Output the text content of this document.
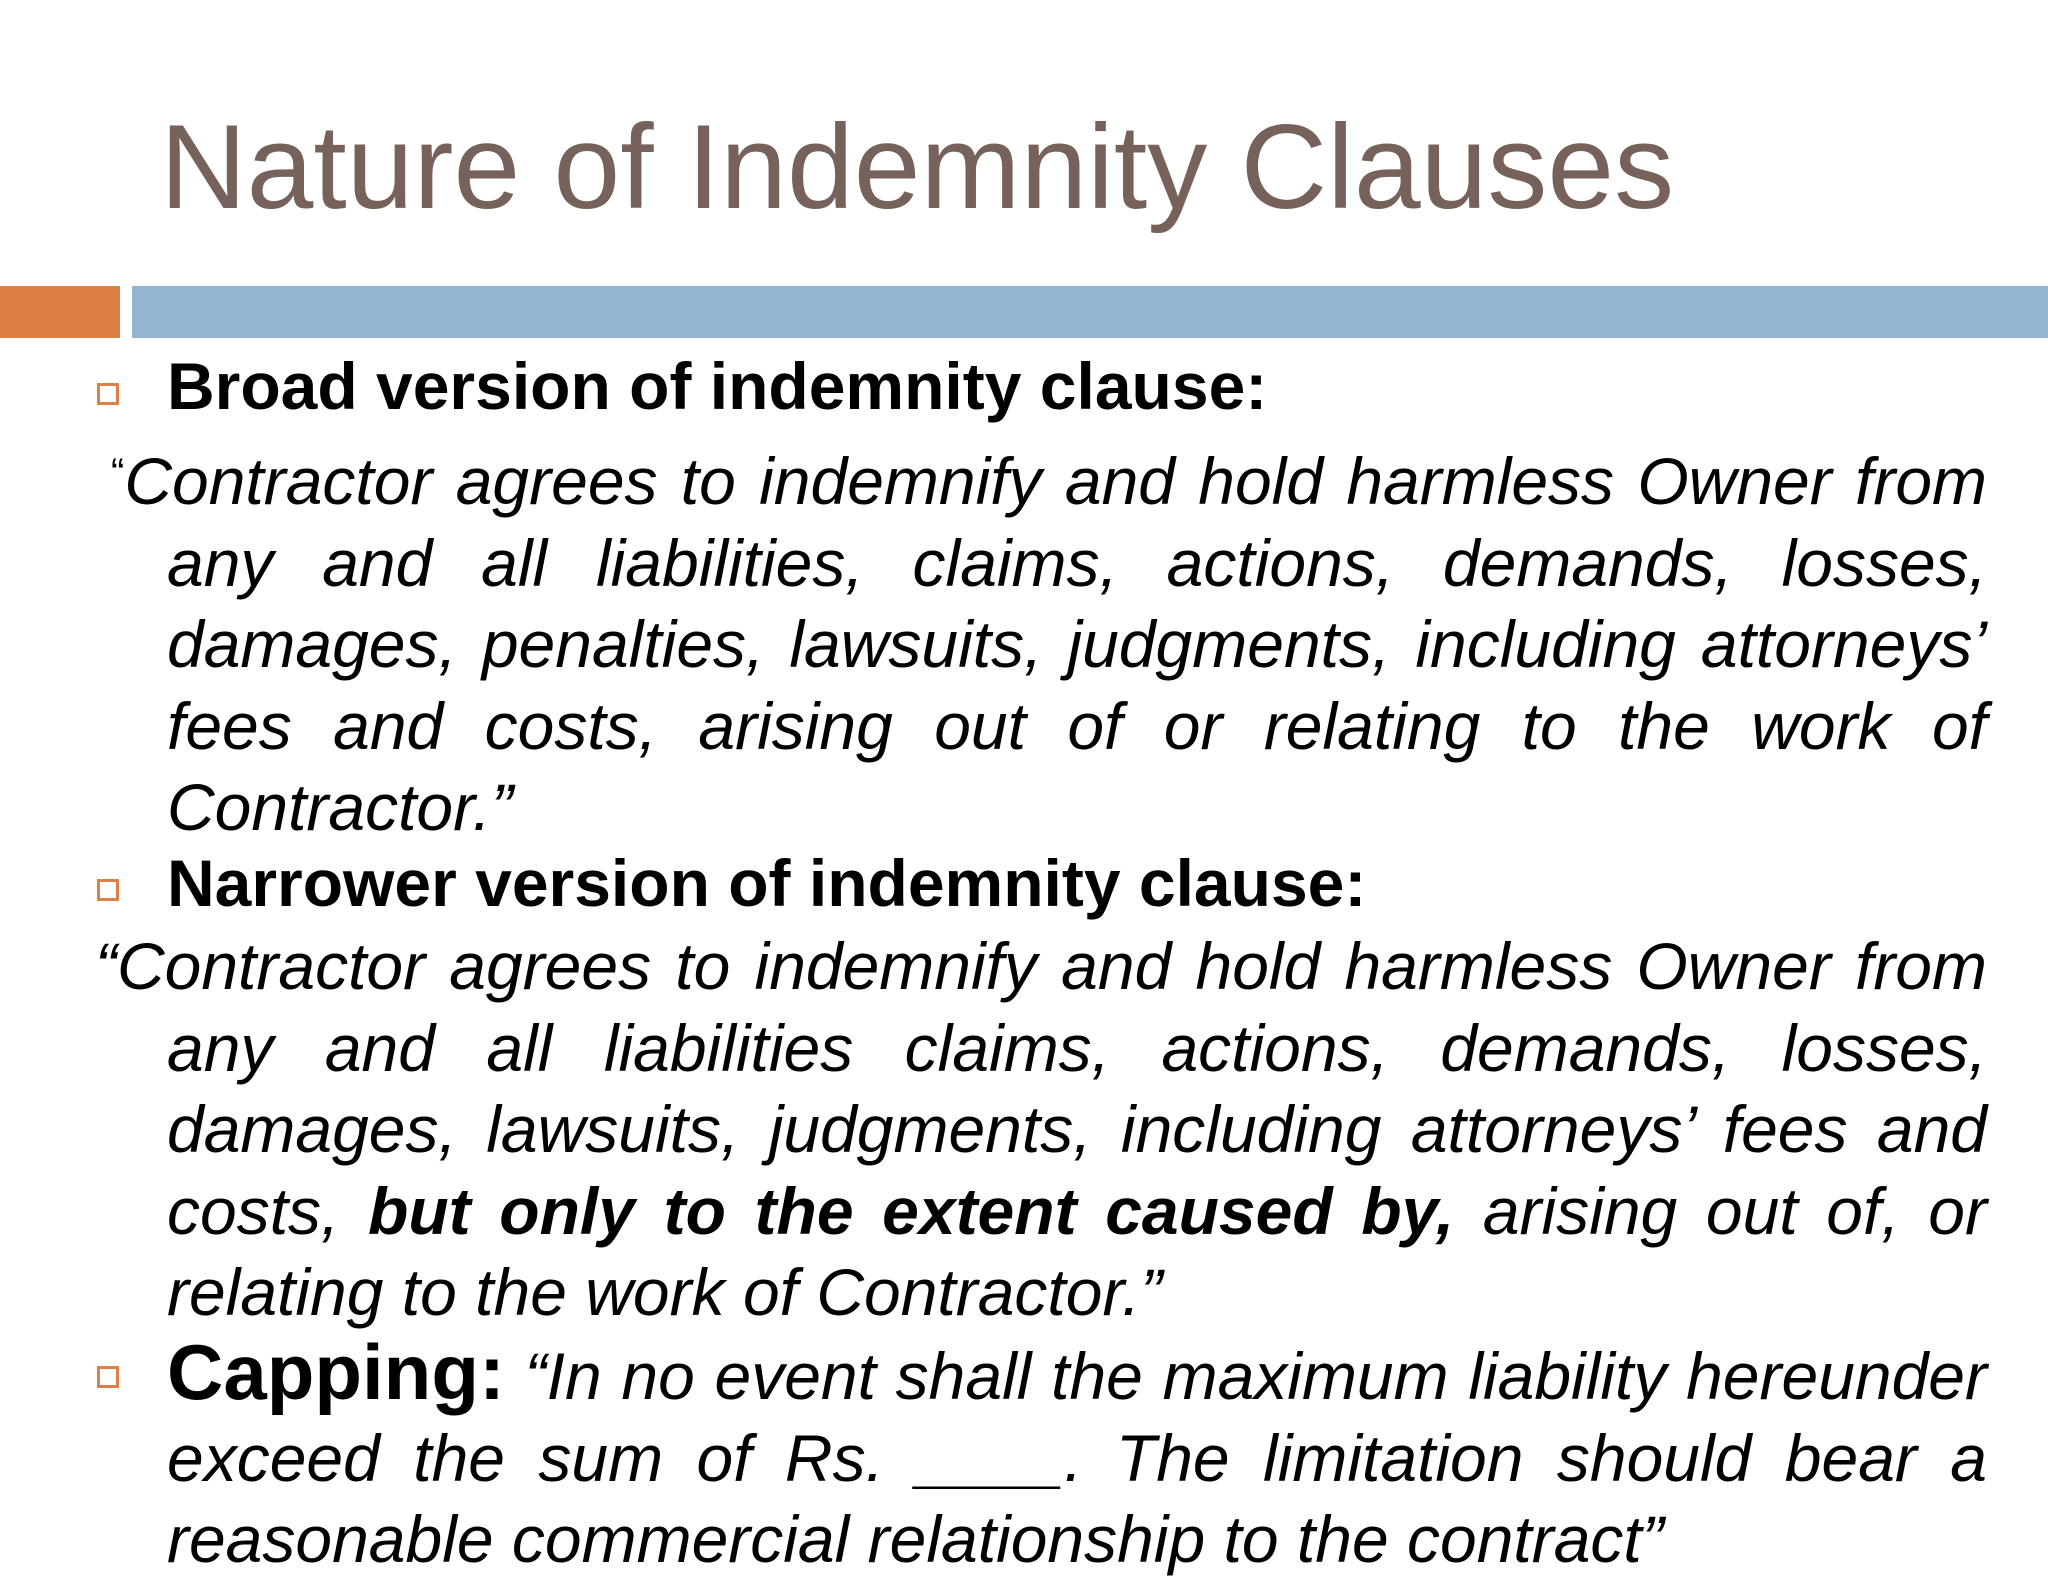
Nature of Indemnity Clauses
Broad version of indemnity clause:

“Contractor agrees to indemnify and hold harmless Owner from any and all liabilities, claims, actions, demands, losses, damages, penalties, lawsuits, judgments, including attorneys’ fees and costs, arising out of or relating to the work of Contractor.”

Narrower version of indemnity clause:

“Contractor agrees to indemnify and hold harmless Owner from any and all liabilities claims, actions, demands, losses, damages, lawsuits, judgments, including attorneys’ fees and costs, but only to the extent caused by, arising out of, or relating to the work of Contractor.”

Capping: “In no event shall the maximum liability hereunder exceed the sum of Rs. ____. The limitation should bear a reasonable commercial relationship to the contract”
